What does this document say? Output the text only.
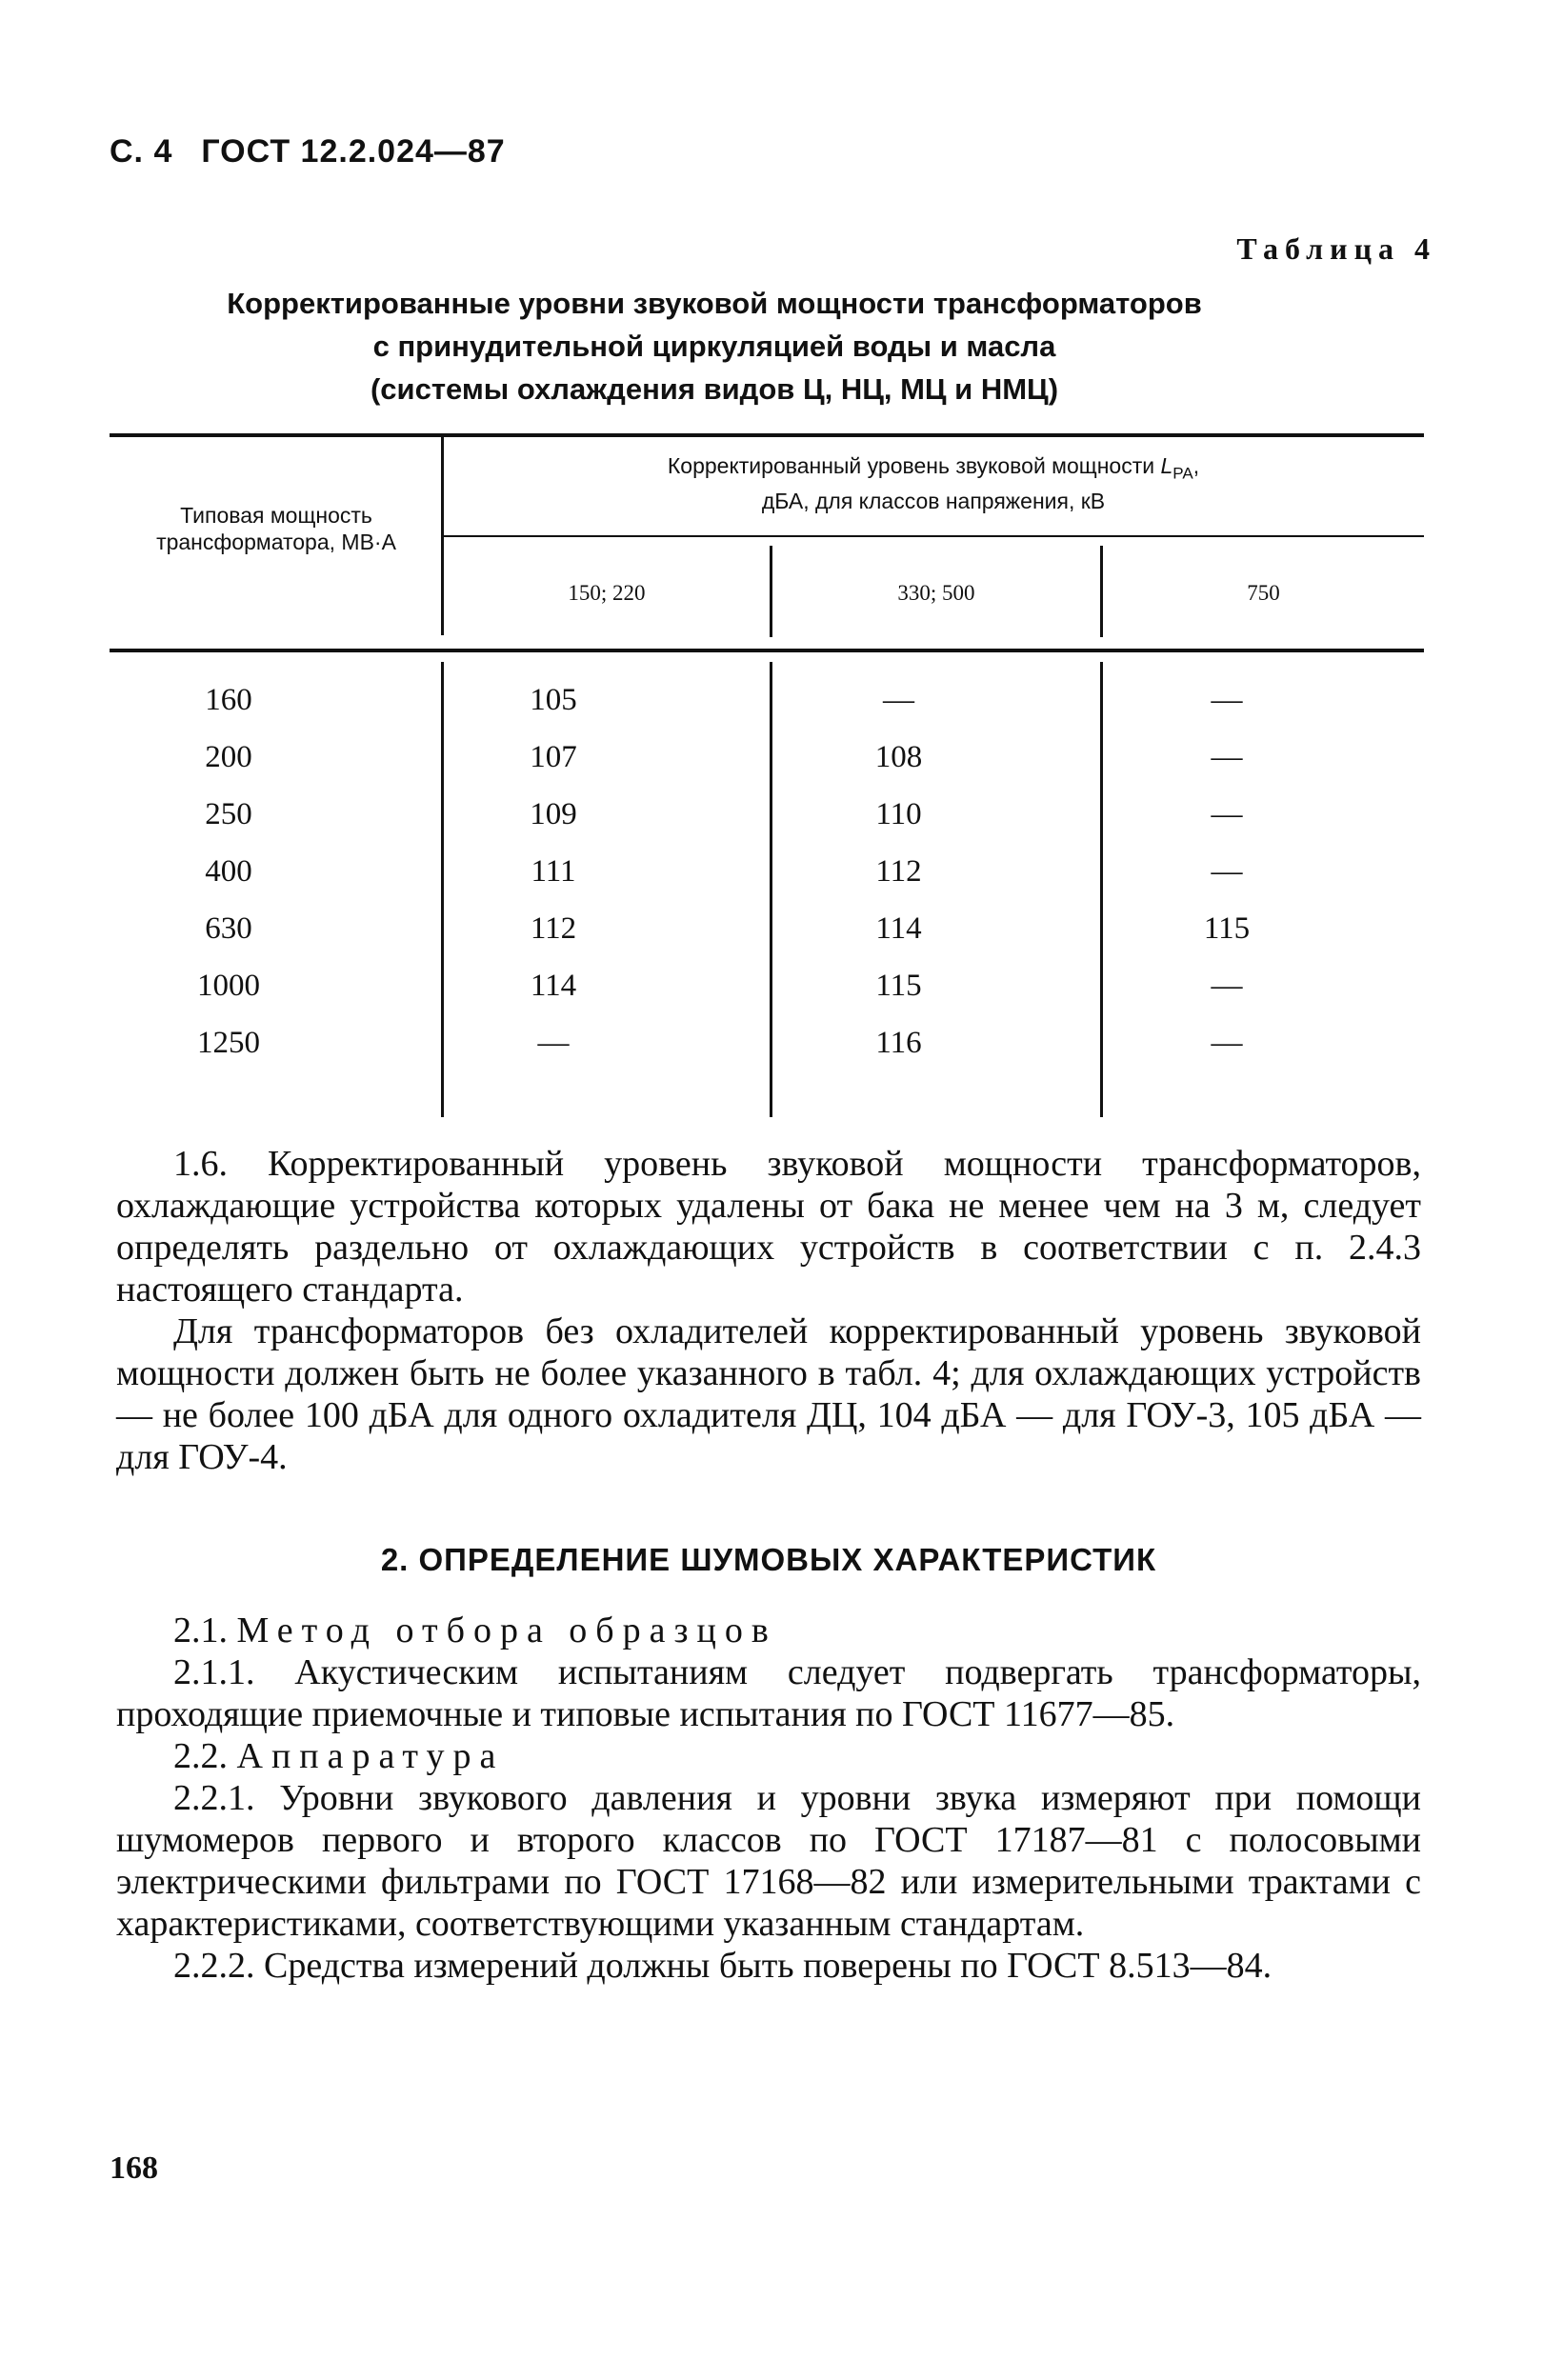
С. 4 ГОСТ 12.2.024—87
Таблица 4
Корректированные уровни звуковой мощности трансформаторов
с принудительной циркуляцией воды и масла
(системы охлаждения видов Ц, НЦ, МЦ и НМЦ)
Типовая мощность трансформатора, МВ·А
Корректированный уровень звуковой мощности $L_{PA}$,
дБА, для классов напряжения, кВ
150; 220	330; 500	750
160	105	—	—
200	107	108	—
250	109	110	—
400	111	112	—
630	112	114	115
1000	114	115	—
1250	—	116	—

1.6. Корректированный уровень звуковой мощности трансформаторов, охлаждающие устройства которых удалены от бака не менее чем на 3 м, следует определять раздельно от охлаждающих устройств в соответствии с п. 2.4.3 настоящего стандарта.

Для трансформаторов без охладителей корректированный уровень звуковой мощности должен быть не более указанного в табл. 4; для охлаждающих устройств — не более 100 дБА для одного охладителя ДЦ, 104 дБА — для ГОУ-3, 105 дБА — для ГОУ-4.

2. ОПРЕДЕЛЕНИЕ ШУМОВЫХ ХАРАКТЕРИСТИК

2.1. Метод отбора образцов

2.1.1. Акустическим испытаниям следует подвергать трансформаторы, проходящие приемочные и типовые испытания по ГОСТ 11677—85.

2.2. Аппаратура

2.2.1. Уровни звукового давления и уровни звука измеряют при помощи шумомеров первого и второго классов по ГОСТ 17187—81 с полосовыми электрическими фильтрами по ГОСТ 17168—82 или измерительными трактами с характеристиками, соответствующими указанным стандартам.

2.2.2. Средства измерений должны быть поверены по ГОСТ 8.513—84.

168
